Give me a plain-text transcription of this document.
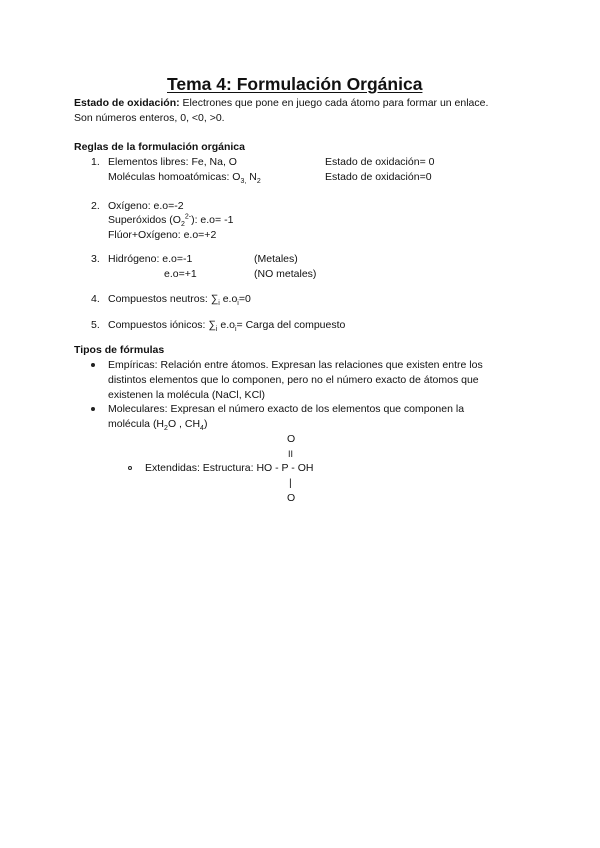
Tema 4: Formulación Orgánica
Estado de oxidación: Electrones que pone en juego cada átomo para formar un enlace.
Son números enteros, 0, <0, >0.
Reglas de la formulación orgánica
1. Elementos libres: Fe, Na, O	Estado de oxidación= 0
Moléculas homoatómicas: $O_{3,}$ $N_2$	Estado de oxidación=0
2. Oxígeno: e.o=-2
Superóxidos $(O_2^{2-})$: e.o= -1
Flúor+Oxígeno: e.o=+2
3. Hidrógeno: e.o=-1	(Metales)
e.o=+1	(NO metales)
4. Compuestos neutros: $\sum_i$ $e.o_i=0$
5. Compuestos iónicos: $\sum_i$ $e.o_i=$ Carga del compuesto
Tipos de fórmulas
Empíricas: Relación entre átomos. Expresan las relaciones que existen entre los
distintos elementos que lo componen, pero no el número exacto de átomos que
existenen la molécula (NaCl, KCl)
Moleculares: Expresan el número exacto de los elementos que componen la
molécula ($H_2O$ , $CH_4$)
O
II
Extendidas: Estructura: HO - P - OH
|
O
